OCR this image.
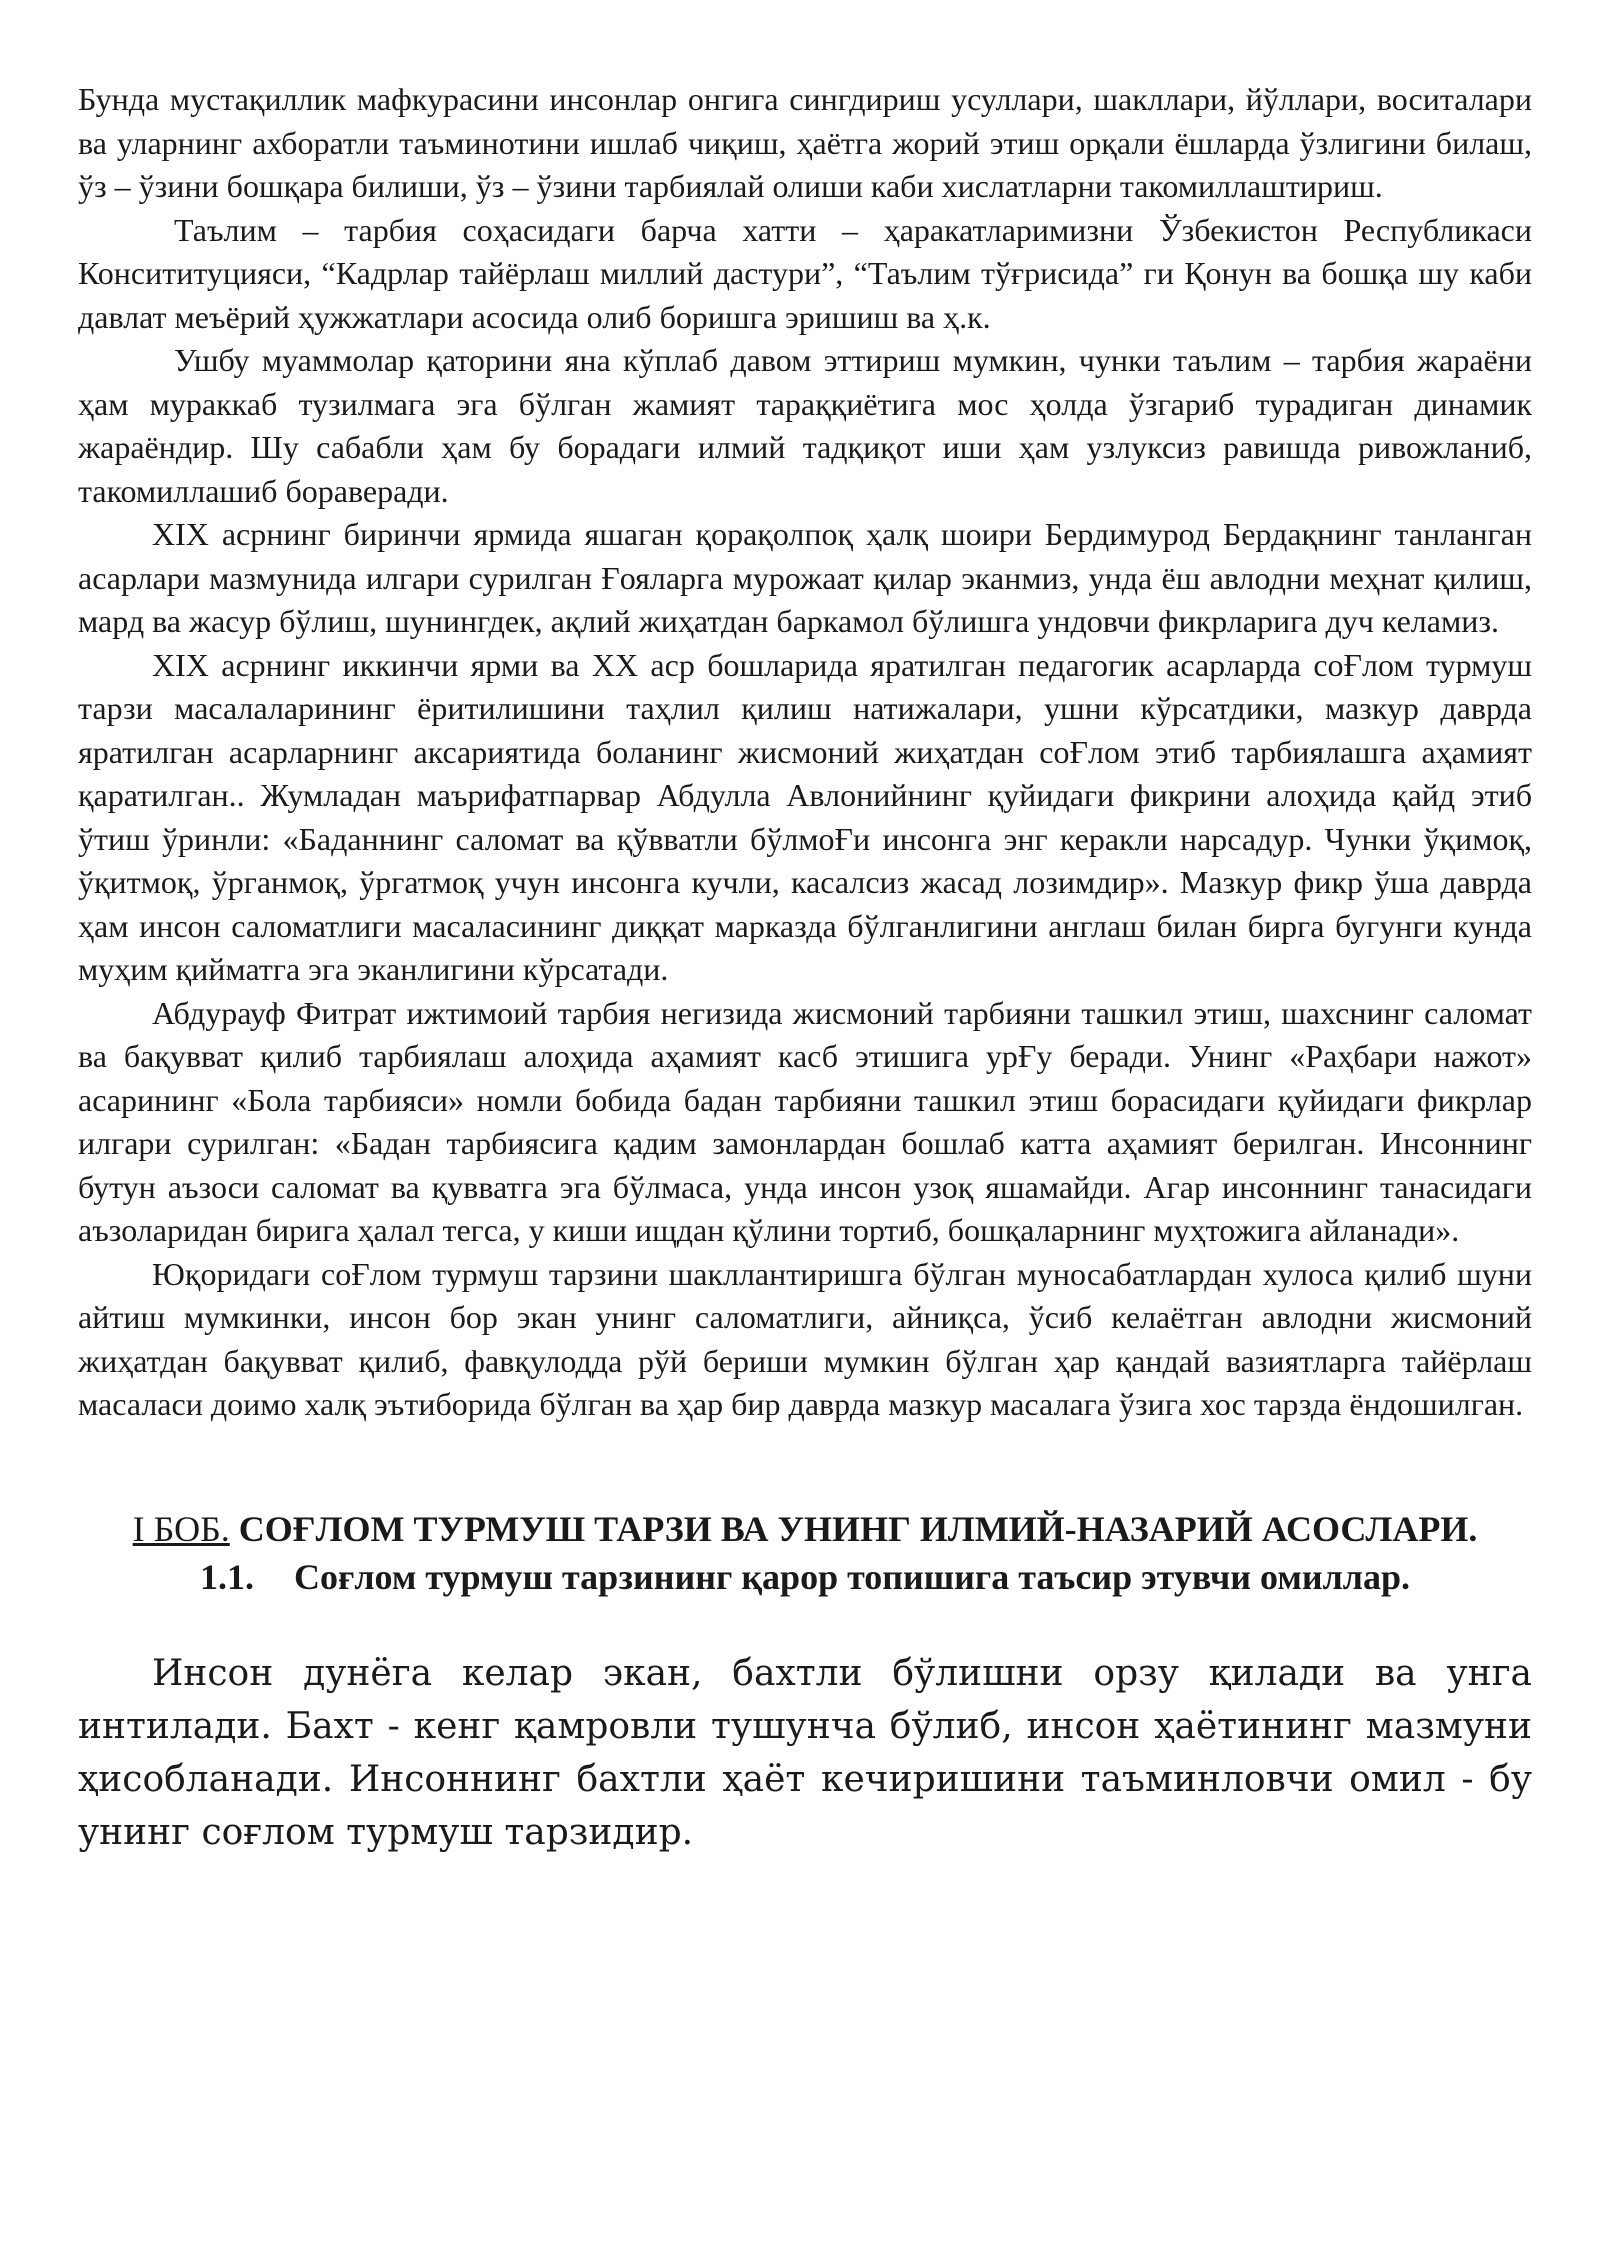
Бунда мустақиллик мафкурасини инсонлар онгига сингдириш усуллари, шакллари, йўллари, воситалари ва уларнинг ахборатли таъминотини ишлаб чиқиш, ҳаётга жорий этиш орқали ёшларда ўзлигини билаш, ўз – ўзини бошқара билиши, ўз – ўзини тарбиялай олиши каби хислатларни такомиллаштириш.

Таълим – тарбия соҳасидаги барча хатти – ҳаракатларимизни Ўзбекистон Республикаси Консититуцияси, “Кадрлар тайёрлаш миллий дастури”, “Таълим тўғрисида” ги Қонун ва бошқа шу каби давлат меъёрий ҳужжатлари асосида олиб боришга эришиш ва ҳ.к.

Ушбу муаммолар қаторини яна кўплаб давом эттириш мумкин, чунки таълим – тарбия жараёни ҳам мураккаб тузилмага эга бўлган жамият тараққиётига мос ҳолда ўзгариб турадиган динамик жараёндир. Шу сабабли ҳам бу борадаги илмий тадқиқот иши ҳам узлуксиз равишда ривожланиб, такомиллашиб бораверади.

XIX асрнинг биринчи ярмида яшаган қорақолпоқ ҳалқ шоири Бердимурод Бердақнинг танланган асарлари мазмунида илгари сурилган Ғояларга мурожаат қилар эканмиз, унда ёш авлодни меҳнат қилиш, мард ва жасур бўлиш, шунингдек, ақлий жиҳатдан баркамол бўлишга ундовчи фикрларига дуч келамиз.

XIX асрнинг иккинчи ярми ва XX аср бошларида яратилган педагогик асарларда соҒлом турмуш тарзи масалаларининг ёритилишини таҳлил қилиш натижалари, ушни кўрсатдики, мазкур даврда яратилган асарларнинг аксариятида боланинг жисмоний жиҳатдан соҒлом этиб тарбиялашга аҳамият қаратилган.. Жумладан маърифатпарвар Абдулла Авлонийнинг қуйидаги фикрини алоҳида қайд этиб ўтиш ўринли: «Баданнинг саломат ва қўвватли бўлмоҒи инсонга энг керакли нарсадур. Чунки ўқимоқ, ўқитмоқ, ўрганмоқ, ўргатмоқ учун инсонга кучли, касалсиз жасад лозимдир». Мазкур фикр ўша даврда ҳам инсон саломатлиги масаласининг диққат марказда бўлганлигини англаш билан бирга бугунги кунда муҳим қийматга эга эканлигини кўрсатади.

Абдурауф Фитрат ижтимоий тарбия негизида жисмоний тарбияни ташкил этиш, шахснинг саломат ва бақувват қилиб тарбиялаш алоҳида аҳамият касб этишига урҒу беради. Унинг «Раҳбари нажот» асарининг «Бола тарбияси» номли бобида бадан тарбияни ташкил этиш борасидаги қуйидаги фикрлар илгари сурилган: «Бадан тарбиясига қадим замонлардан бошлаб катта аҳамият берилган. Инсоннинг бутун аъзоси саломат ва қувватга эга бўлмаса, унда инсон узоқ яшамайди. Агар инсоннинг танасидаги аъзоларидан бирига ҳалал тегса, у киши ищдан қўлини тортиб, бошқаларнинг муҳтожига айланади».

Юқоридаги соҒлом турмуш тарзини шакллантиришга бўлган муносабатлардан хулоса қилиб шуни айтиш мумкинки, инсон бор экан унинг саломатлиги, айниқса, ўсиб келаётган авлодни жисмоний жиҳатдан бақувват қилиб, фавқулодда рўй бериши мумкин бўлган ҳар қандай вазиятларга тайёрлаш масаласи доимо халқ эътиборида бўлган ва ҳар бир даврда мазкур масалага ўзига хос тарзда ёндошилган.

I БОБ. СОҒЛОМ ТУРМУШ ТАРЗИ ВА УНИНГ ИЛМИЙ-НАЗАРИЙ АСОСЛАРИ.

1.1. Соғлом турмуш тарзининг қарор топишига таъсир этувчи омиллар.

Инсон дунёга келар экан, бахтли бўлишни орзу қилади ва унга интилади. Бахт - кенг қамровли тушунча бўлиб, инсон ҳаётининг мазмуни ҳисобланади. Инсоннинг бахтли ҳаёт кечиришини таъминловчи омил - бу унинг соғлом турмуш тарзидир.
